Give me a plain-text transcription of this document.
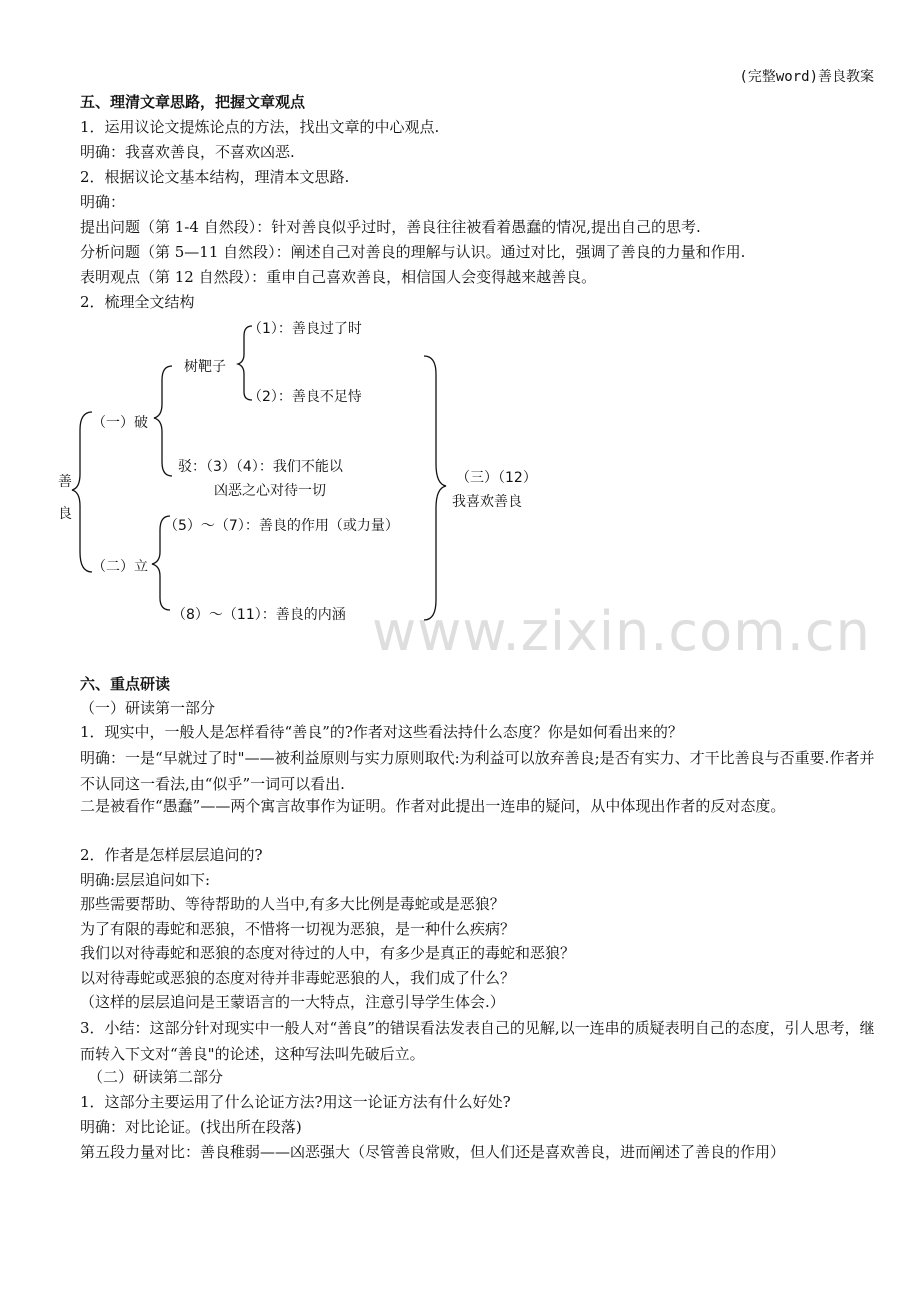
(完整word)善良教案
五、理清文章思路，把握文章观点
1．运用议论文提炼论点的方法，找出文章的中心观点.
明确：我喜欢善良，不喜欢凶恶.
2．根据议论文基本结构，理清本文思路.
明确：
提出问题（第 1-4 自然段）：针对善良似乎过时，善良往往被看着愚蠢的情况,提出自己的思考.
分析问题（第 5—11 自然段）：阐述自己对善良的理解与认识。通过对比，强调了善良的力量和作用.
表明观点（第 12 自然段）：重申自己喜欢善良，相信国人会变得越来越善良。
2．梳理全文结构
善
良
（一）破
（二）立
树靶子
（1）：善良过了时
（2）：善良不足恃
驳：（3）（4）：我们不能以
凶恶之心对待一切
（5）～（7）：善良的作用（或力量）
（8）～（11）：善良的内涵
（三）（12）
我喜欢善良
www.zixin.com.cn
六、重点研读
（一）研读第一部分
1．现实中，一般人是怎样看待“善良”的?作者对这些看法持什么态度？你是如何看出来的？
明确：一是“早就过了时"——被利益原则与实力原则取代:为利益可以放弃善良;是否有实力、才干比善良与否重要.作者并不认同这一看法,由“似乎”一词可以看出.
二是被看作“愚蠢”——两个寓言故事作为证明。作者对此提出一连串的疑问，从中体现出作者的反对态度。
2．作者是怎样层层追问的?
明确:层层追问如下:
那些需要帮助、等待帮助的人当中,有多大比例是毒蛇或是恶狼？
为了有限的毒蛇和恶狼，不惜将一切视为恶狼，是一种什么疾病？
我们以对待毒蛇和恶狼的态度对待过的人中，有多少是真正的毒蛇和恶狼？
以对待毒蛇或恶狼的态度对待并非毒蛇恶狼的人，我们成了什么？
（这样的层层追问是王蒙语言的一大特点，注意引导学生体会.）
3．小结：这部分针对现实中一般人对“善良”的错误看法发表自己的见解,以一连串的质疑表明自己的态度，引人思考，继而转入下文对“善良"的论述，这种写法叫先破后立。
（二）研读第二部分
1．这部分主要运用了什么论证方法?用这一论证方法有什么好处?
明确：对比论证。(找出所在段落)
第五段力量对比：善良稚弱——凶恶强大（尽管善良常败，但人们还是喜欢善良，进而阐述了善良的作用）
